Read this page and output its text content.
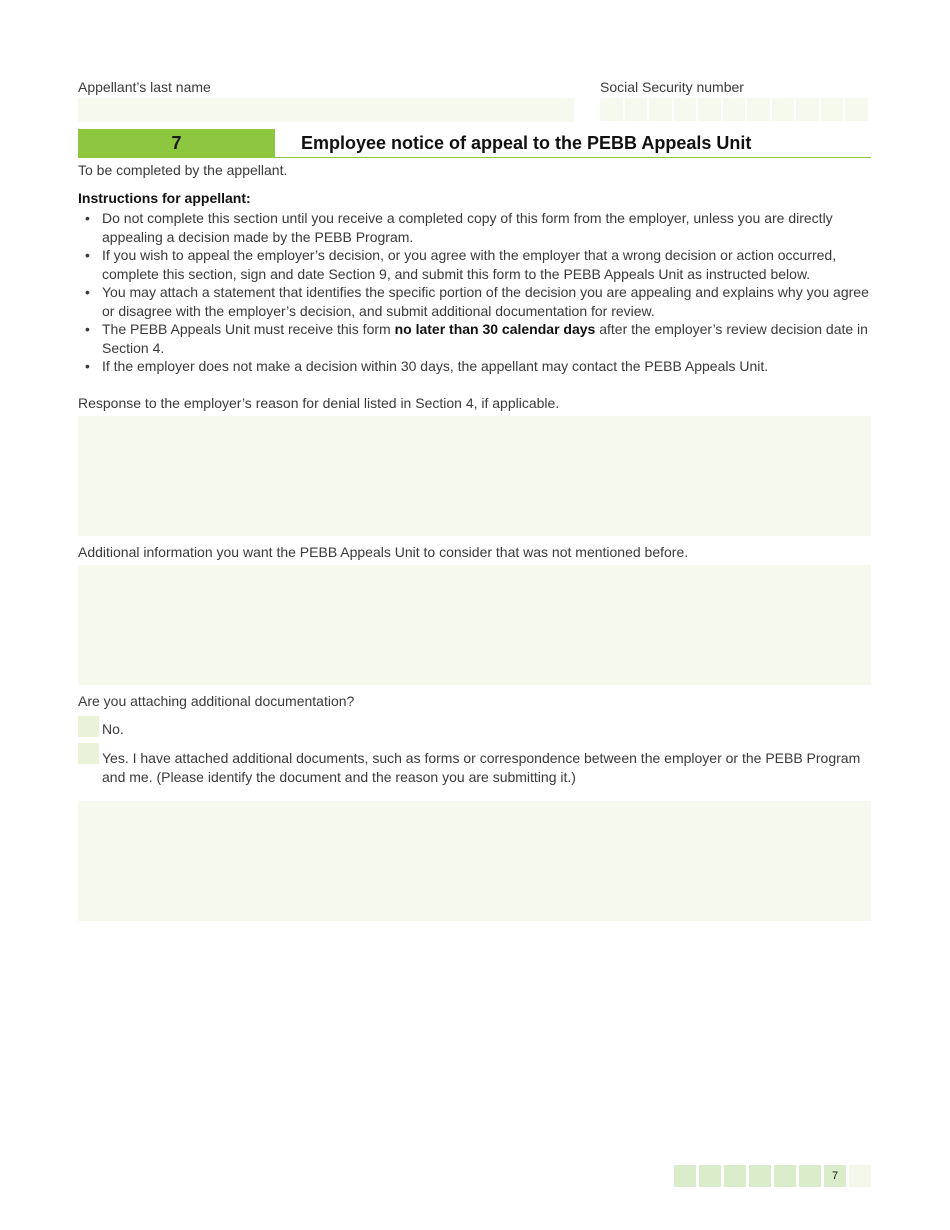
Appellant’s last name	Social Security number
7	Employee notice of appeal to the PEBB Appeals Unit
To be completed by the appellant.
Instructions for appellant:
• Do not complete this section until you receive a completed copy of this form from the employer, unless you are directly appealing a decision made by the PEBB Program.
• If you wish to appeal the employer’s decision, or you agree with the employer that a wrong decision or action occurred, complete this section, sign and date Section 9, and submit this form to the PEBB Appeals Unit as instructed below.
• You may attach a statement that identifies the specific portion of the decision you are appealing and explains why you agree or disagree with the employer’s decision, and submit additional documentation for review.
• The PEBB Appeals Unit must receive this form no later than 30 calendar days after the employer’s review decision date in Section 4.
• If the employer does not make a decision within 30 days, the appellant may contact the PEBB Appeals Unit.
Response to the employer’s reason for denial listed in Section 4, if applicable.
Additional information you want the PEBB Appeals Unit to consider that was not mentioned before.
Are you attaching additional documentation?
No.
Yes. I have attached additional documents, such as forms or correspondence between the employer or the PEBB Program and me. (Please identify the document and the reason you are submitting it.)
7
